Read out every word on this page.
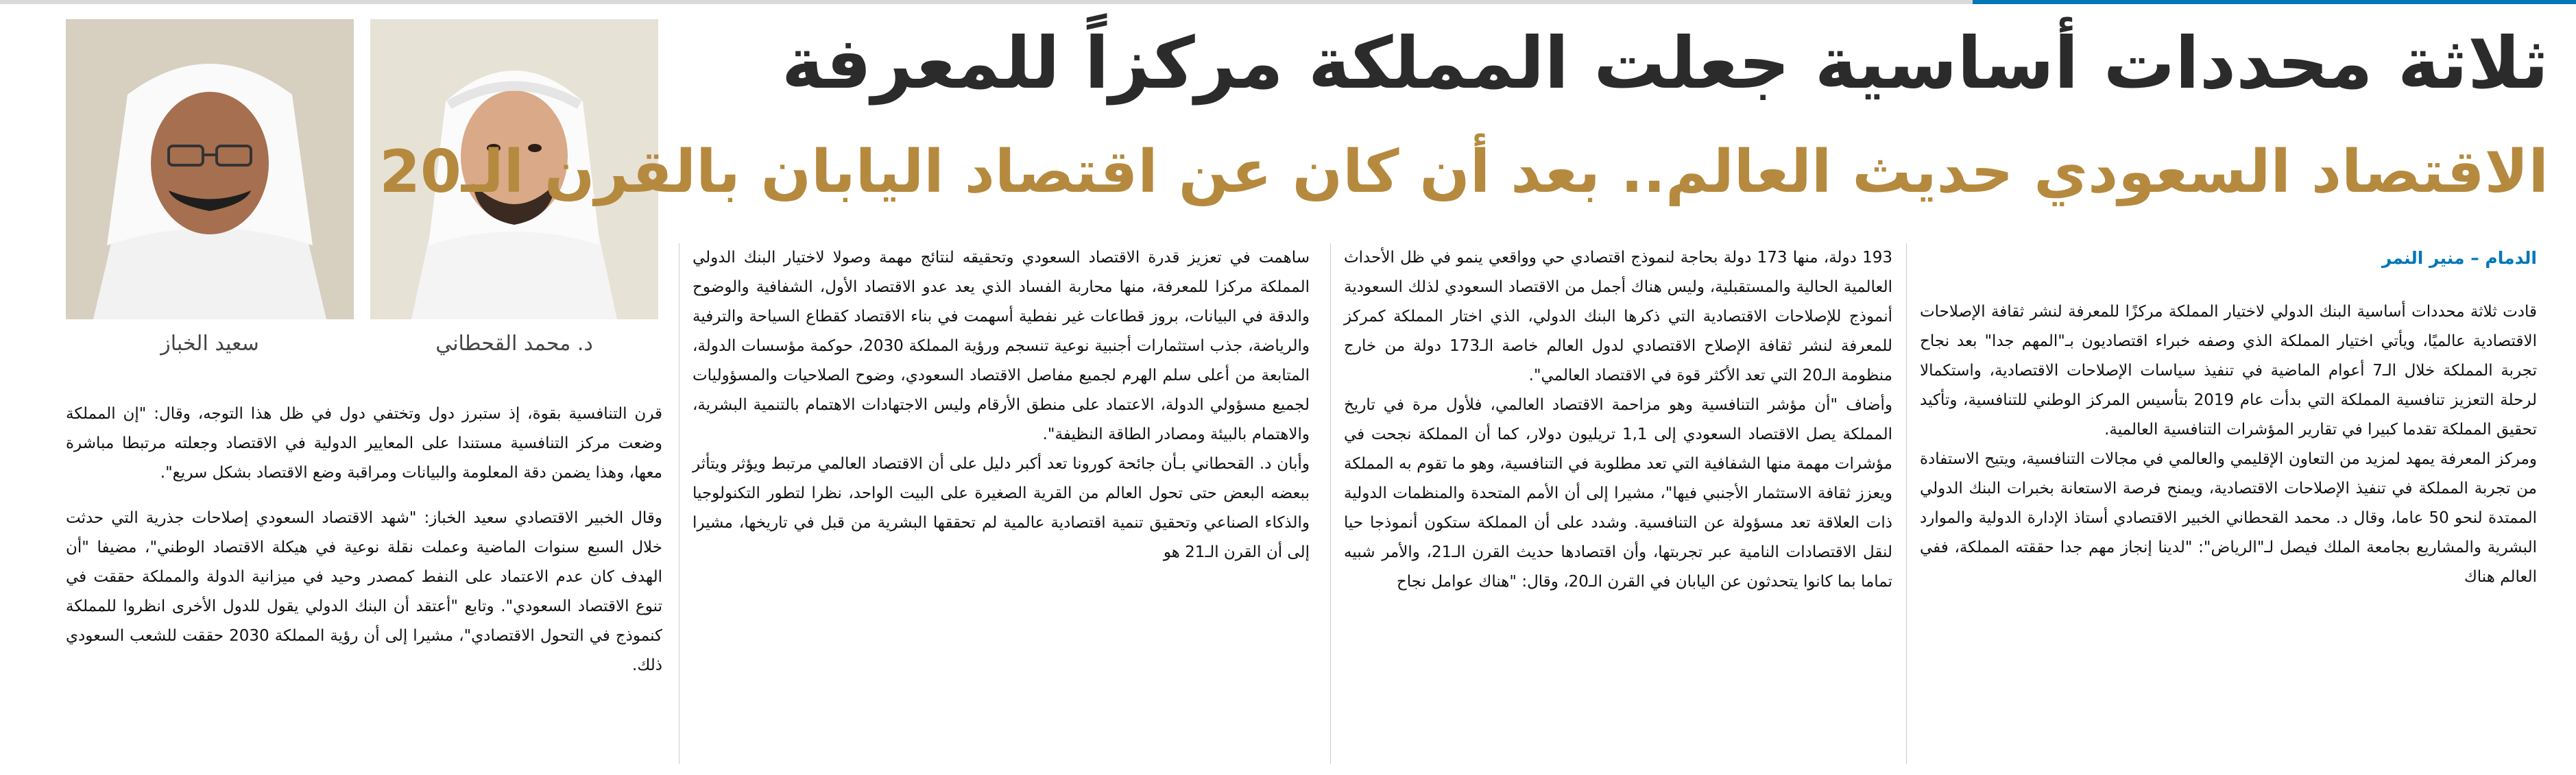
د. محمد القحطاني
سعيد الخباز
ثلاثة محددات أساسية جعلت المملكة مركزاً للمعرفة
الاقتصاد السعودي حديث العالم.. بعد أن كان عن اقتصاد اليابان بالقرن الـ20
الدمام – منير النمر

قادت ثلاثة محددات أساسية البنك الدولي لاختيار المملكة مركزًا للمعرفة لنشر ثقافة الإصلاحات الاقتصادية عالميًا، ويأتي اختيار المملكة الذي وصفه خبراء اقتصاديون بـ"المهم جدا" بعد نجاح تجربة المملكة خلال الـ7 أعوام الماضية في تنفيذ سياسات الإصلاحات الاقتصادية، واستكمالا لرحلة التعزيز تنافسية المملكة التي بدأت عام 2019 بتأسيس المركز الوطني للتنافسية، وتأكيد تحقيق المملكة تقدما كبيرا في تقارير المؤشرات التنافسية العالمية.

ومركز المعرفة يمهد لمزيد من التعاون الإقليمي والعالمي في مجالات التنافسية، ويتيح الاستفادة من تجربة المملكة في تنفيذ الإصلاحات الاقتصادية، ويمنح فرصة الاستعانة بخبرات البنك الدولي الممتدة لنحو 50 عاما، وقال د. محمد القحطاني الخبير الاقتصادي أستاذ الإدارة الدولية والموارد البشرية والمشاريع بجامعة الملك فيصل لـ"الرياض": "لدينا إنجاز مهم جدا حققته المملكة، ففي العالم هناك

193 دولة، منها 173 دولة بحاجة لنموذج اقتصادي حي وواقعي ينمو في ظل الأحداث العالمية الحالية والمستقبلية، وليس هناك أجمل من الاقتصاد السعودي لذلك السعودية أنموذج للإصلاحات الاقتصادية التي ذكرها البنك الدولي، الذي اختار المملكة كمركز للمعرفة لنشر ثقافة الإصلاح الاقتصادي لدول العالم خاصة الـ173 دولة من خارج منظومة الـ20 التي تعد الأكثر قوة في الاقتصاد العالمي".

وأضاف "أن مؤشر التنافسية وهو مزاحمة الاقتصاد العالمي، فلأول مرة في تاريخ المملكة يصل الاقتصاد السعودي إلى 1,1 تريليون دولار، كما أن المملكة نجحت في مؤشرات مهمة منها الشفافية التي تعد مطلوبة في التنافسية، وهو ما تقوم به المملكة ويعزز ثقافة الاستثمار الأجنبي فيها"، مشيرا إلى أن الأمم المتحدة والمنظمات الدولية ذات العلاقة تعد مسؤولة عن التنافسية. وشدد على أن المملكة ستكون أنموذجا حيا لنقل الاقتصادات النامية عبر تجربتها، وأن اقتصادها حديث القرن الـ21، والأمر شبيه تماما بما كانوا يتحدثون عن اليابان في القرن الـ20، وقال: "هناك عوامل نجاح

ساهمت في تعزيز قدرة الاقتصاد السعودي وتحقيقه لنتائج مهمة وصولا لاختيار البنك الدولي المملكة مركزا للمعرفة، منها محاربة الفساد الذي يعد عدو الاقتصاد الأول، الشفافية والوضوح والدقة في البيانات، بروز قطاعات غير نفطية أسهمت في بناء الاقتصاد كقطاع السياحة والترفية والرياضة، جذب استثمارات أجنبية نوعية تنسجم ورؤية المملكة 2030، حوكمة مؤسسات الدولة، المتابعة من أعلى سلم الهرم لجميع مفاصل الاقتصاد السعودي، وضوح الصلاحيات والمسؤوليات لجميع مسؤولي الدولة، الاعتماد على منطق الأرقام وليس الاجتهادات الاهتمام بالتنمية البشرية، والاهتمام بالبيئة ومصادر الطاقة النظيفة".

وأبان د. القحطاني بـأن جائحة كورونا تعد أكبر دليل على أن الاقتصاد العالمي مرتبط ويؤثر ويتأثر ببعضه البعض حتى تحول العالم من القرية الصغيرة على البيت الواحد، نظرا لتطور التكنولوجيا والذكاء الصناعي وتحقيق تنمية اقتصادية عالمية لم تحققها البشرية من قبل في تاريخها، مشيرا إلى أن القرن الـ21 هو

قرن التنافسية بقوة، إذ ستبرز دول وتختفي دول في ظل هذا التوجه، وقال: "إن المملكة وضعت مركز التنافسية مستندا على المعايير الدولية في الاقتصاد وجعلته مرتبطا مباشرة معها، وهذا يضمن دقة المعلومة والبيانات ومراقبة وضع الاقتصاد بشكل سريع".

وقال الخبير الاقتصادي سعيد الخباز: "شهد الاقتصاد السعودي إصلاحات جذرية التي حدثت خلال السبع سنوات الماضية وعملت نقلة نوعية في هيكلة الاقتصاد الوطني"، مضيفا "أن الهدف كان عدم الاعتماد على النفط كمصدر وحيد في ميزانية الدولة والمملكة حققت في تنوع الاقتصاد السعودي". وتابع "أعتقد أن البنك الدولي يقول للدول الأخرى انظروا للمملكة كنموذج في التحول الاقتصادي"، مشيرا إلى أن رؤية المملكة 2030 حققت للشعب السعودي ذلك.
